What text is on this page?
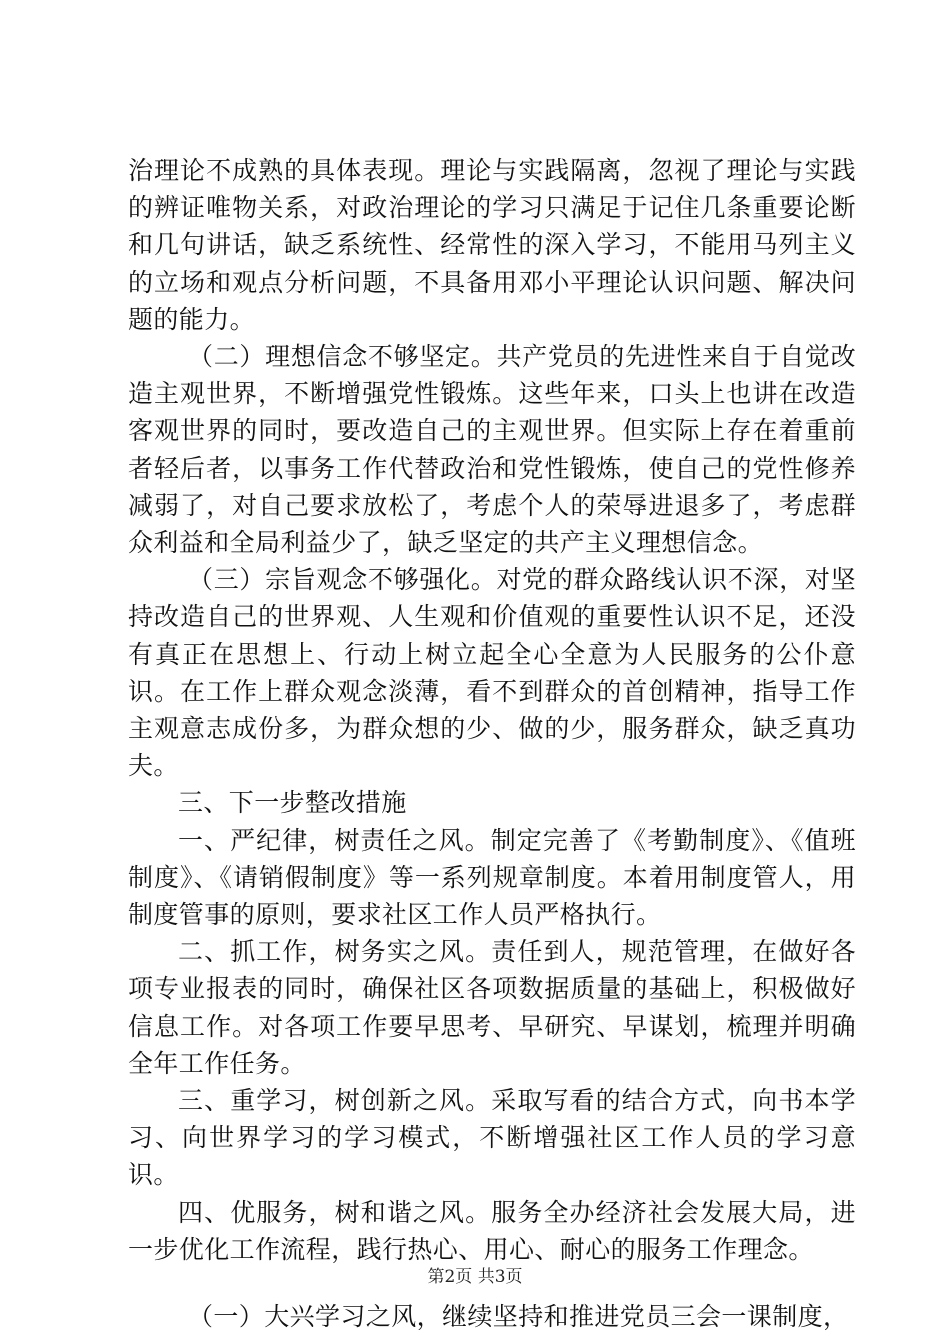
治理论不成熟的具体表现。理论与实践隔离，忽视了理论与实践的辨证唯物关系，对政治理论的学习只满足于记住几条重要论断和几句讲话，缺乏系统性、经常性的深入学习，不能用马列主义的立场和观点分析问题，不具备用邓小平理论认识问题、解决问题的能力。

（二）理想信念不够坚定。共产党员的先进性来自于自觉改造主观世界，不断增强党性锻炼。这些年来，口头上也讲在改造客观世界的同时，要改造自己的主观世界。但实际上存在着重前者轻后者，以事务工作代替政治和党性锻炼，使自己的党性修养减弱了，对自己要求放松了，考虑个人的荣辱进退多了，考虑群众利益和全局利益少了，缺乏坚定的共产主义理想信念。

（三）宗旨观念不够强化。对党的群众路线认识不深，对坚持改造自己的世界观、人生观和价值观的重要性认识不足，还没有真正在思想上、行动上树立起全心全意为人民服务的公仆意识。在工作上群众观念淡薄，看不到群众的首创精神，指导工作主观意志成份多，为群众想的少、做的少，服务群众，缺乏真功夫。

三、下一步整改措施

一、严纪律，树责任之风。制定完善了《考勤制度》、《值班制度》、《请销假制度》等一系列规章制度。本着用制度管人，用制度管事的原则，要求社区工作人员严格执行。

二、抓工作，树务实之风。责任到人，规范管理，在做好各项专业报表的同时，确保社区各项数据质量的基础上，积极做好信息工作。对各项工作要早思考、早研究、早谋划，梳理并明确全年工作任务。

三、重学习，树创新之风。采取写看的结合方式，向书本学习、向世界学习的学习模式，不断增强社区工作人员的学习意识。

四、优服务，树和谐之风。服务全办经济社会发展大局，进一步优化工作流程，践行热心、用心、耐心的服务工作理念。

（一）大兴学习之风，继续坚持和推进党员三会一课制度，

第2页 共3页
